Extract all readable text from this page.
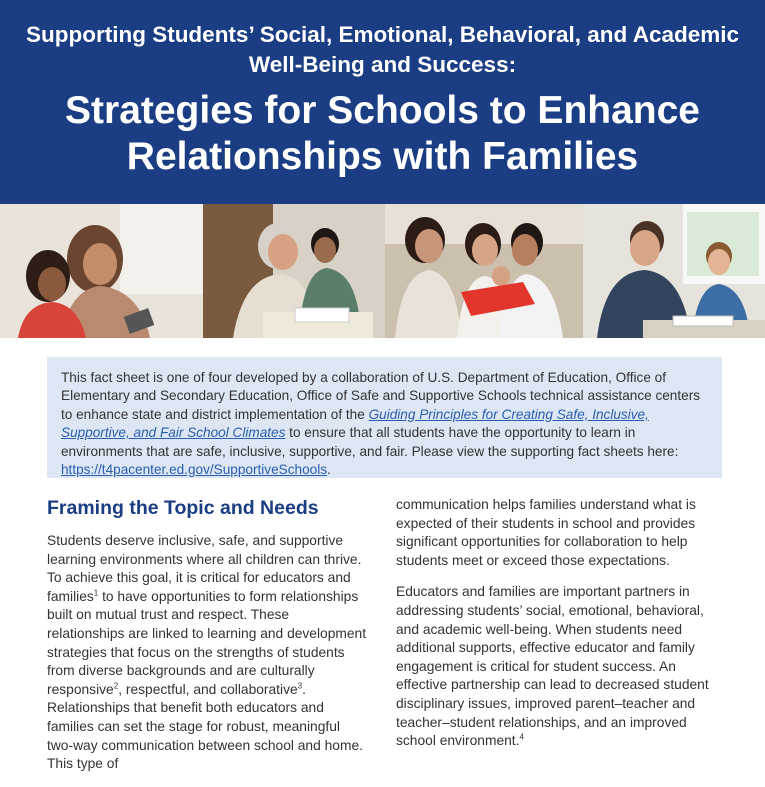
Supporting Students’ Social, Emotional, Behavioral, and Academic Well-Being and Success:
Strategies for Schools to Enhance Relationships with Families
This fact sheet is one of four developed by a collaboration of U.S. Department of Education, Office of Elementary and Secondary Education, Office of Safe and Supportive Schools technical assistance centers to enhance state and district implementation of the Guiding Principles for Creating Safe, Inclusive, Supportive, and Fair School Climates to ensure that all students have the opportunity to learn in environments that are safe, inclusive, supportive, and fair. Please view the supporting fact sheets here: https://t4pacenter.ed.gov/SupportiveSchools.
Framing the Topic and Needs

Students deserve inclusive, safe, and supportive learning environments where all children can thrive. To achieve this goal, it is critical for educators and families$^1$ to have opportunities to form relationships built on mutual trust and respect. These relationships are linked to learning and development strategies that focus on the strengths of students from diverse backgrounds and are culturally responsive$^2$, respectful, and collaborative$^3$. Relationships that benefit both educators and families can set the stage for robust, meaningful two-way communication between school and home. This type of

communication helps families understand what is expected of their students in school and provides significant opportunities for collaboration to help students meet or exceed those expectations.

Educators and families are important partners in addressing students’ social, emotional, behavioral, and academic well-being. When students need additional supports, effective educator and family engagement is critical for student success. An effective partnership can lead to decreased student disciplinary issues, improved parent–teacher and teacher–student relationships, and an improved school environment.$^4$
